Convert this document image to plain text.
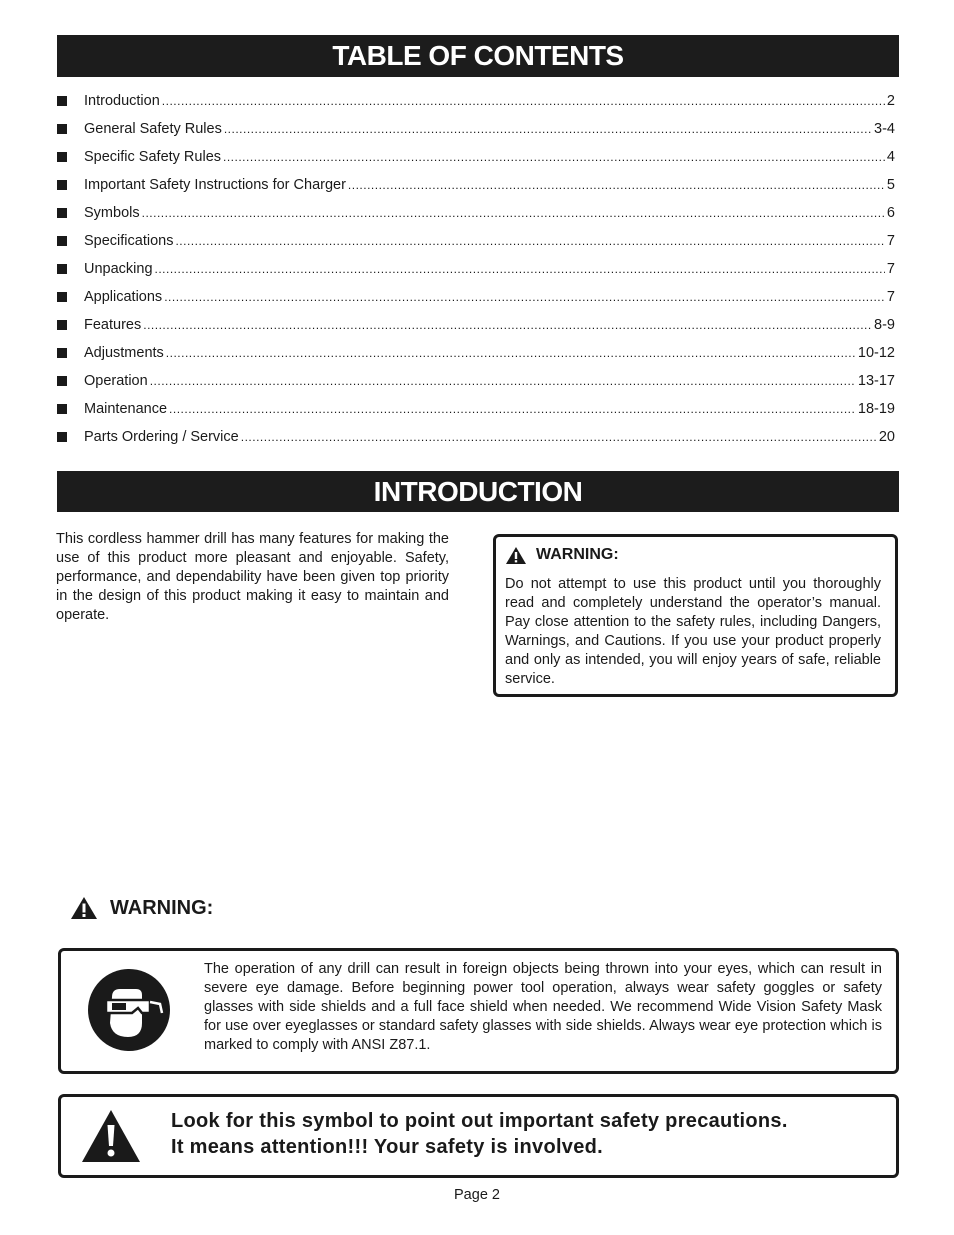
TABLE OF CONTENTS
Introduction .....	2
General Safety Rules .....	3-4
Specific Safety Rules .....	4
Important Safety Instructions for Charger .....	5
Symbols .....	6
Specifications .....	7
Unpacking .....	7
Applications .....	7
Features .....	8-9
Adjustments .....	10-12
Operation .....	13-17
Maintenance .....	18-19
Parts Ordering / Service .....	20
INTRODUCTION

This cordless hammer drill has many features for making the use of this product more pleasant and enjoyable. Safety, performance, and dependability have been given top priority in the design of this product making it easy to maintain and operate.

WARNING:

Do not attempt to use this product until you thoroughly read and completely understand the operator’s manual. Pay close attention to the safety rules, including Dangers, Warnings, and Cautions. If you use your product properly and only as intended, you will enjoy years of safe, reliable service.

WARNING:

The operation of any drill can result in foreign objects being thrown into your eyes, which can result in severe eye damage. Before beginning power tool operation, always wear safety goggles or safety glasses with side shields and a full face shield when needed. We recommend Wide Vision Safety Mask for use over eyeglasses or standard safety glasses with side shields. Always wear eye protection which is marked to comply with ANSI Z87.1.

Look for this symbol to point out important safety precautions.
It means attention!!! Your safety is involved.
Page 2
